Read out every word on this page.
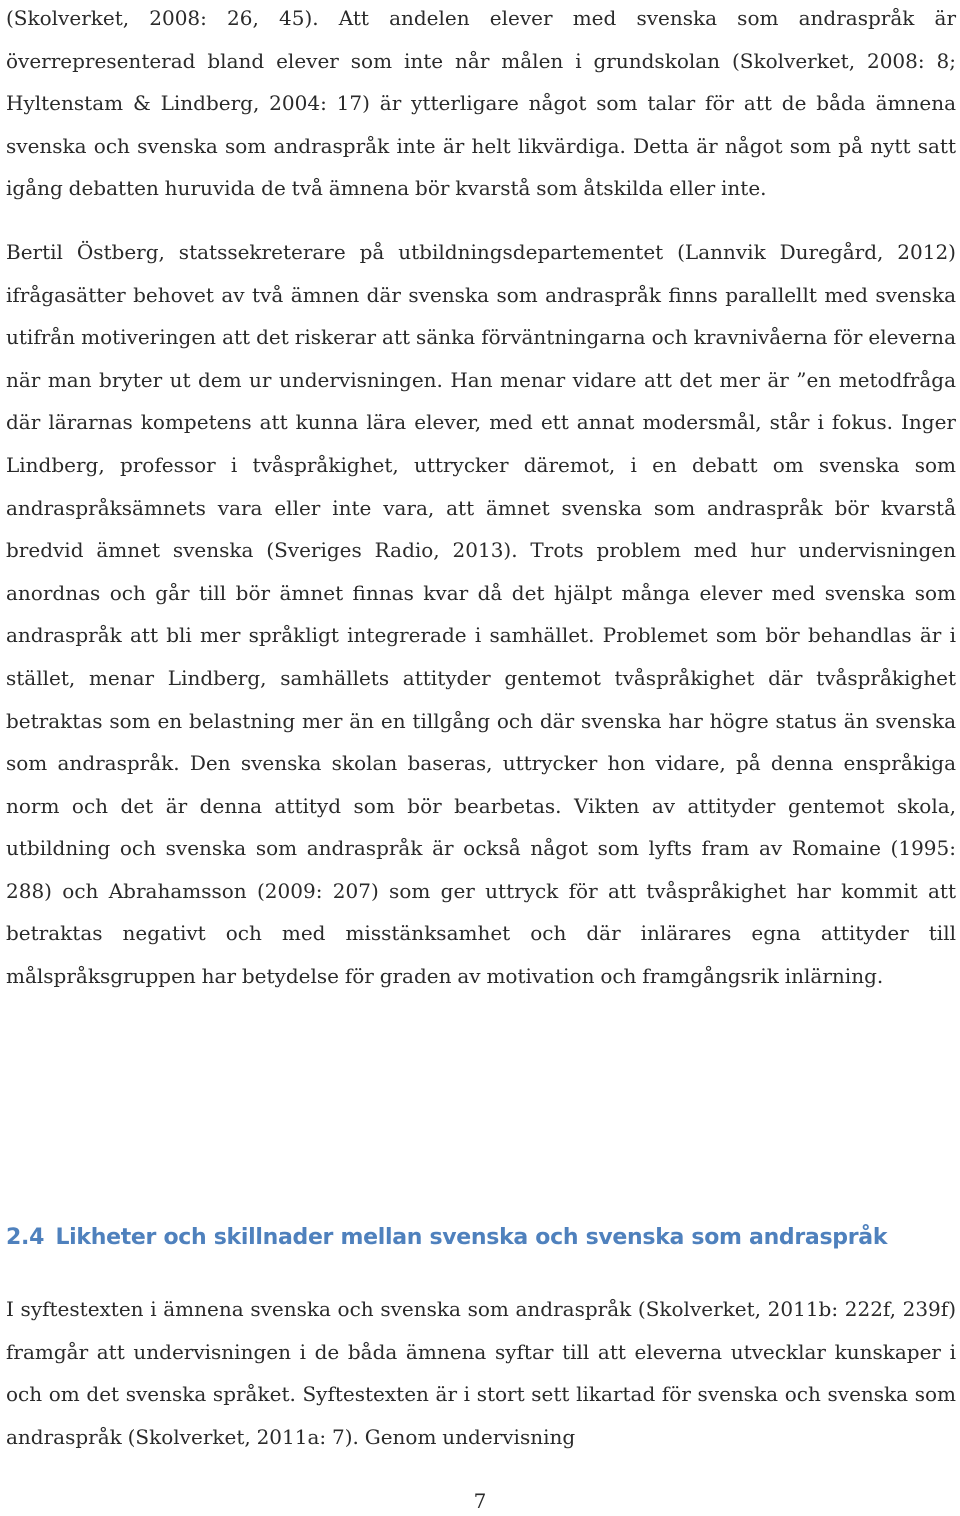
(Skolverket, 2008: 26, 45). Att andelen elever med svenska som andraspråk är överrepresenterad bland elever som inte når målen i grundskolan (Skolverket, 2008: 8; Hyltenstam & Lindberg, 2004: 17) är ytterligare något som talar för att de båda ämnena svenska och svenska som andraspråk inte är helt likvärdiga. Detta är något som på nytt satt igång debatten huruvida de två ämnena bör kvarstå som åtskilda eller inte.

Bertil Östberg, statssekreterare på utbildningsdepartementet (Lannvik Duregård, 2012) ifrågasätter behovet av två ämnen där svenska som andraspråk finns parallellt med svenska utifrån motiveringen att det riskerar att sänka förväntningarna och kravnivåerna för eleverna när man bryter ut dem ur undervisningen. Han menar vidare att det mer är ”en metodfråga där lärarnas kompetens att kunna lära elever, med ett annat modersmål, står i fokus. Inger Lindberg, professor i tvåspråkighet, uttrycker däremot, i en debatt om svenska som andraspråksämnets vara eller inte vara, att ämnet svenska som andraspråk bör kvarstå bredvid ämnet svenska (Sveriges Radio, 2013). Trots problem med hur undervisningen anordnas och går till bör ämnet finnas kvar då det hjälpt många elever med svenska som andraspråk att bli mer språkligt integrerade i samhället. Problemet som bör behandlas är i stället, menar Lindberg, samhällets attityder gentemot tvåspråkighet där tvåspråkighet betraktas som en belastning mer än en tillgång och där svenska har högre status än svenska som andraspråk. Den svenska skolan baseras, uttrycker hon vidare, på denna enspråkiga norm och det är denna attityd som bör bearbetas. Vikten av attityder gentemot skola, utbildning och svenska som andraspråk är också något som lyfts fram av Romaine (1995: 288) och Abrahamsson (2009: 207) som ger uttryck för att tvåspråkighet har kommit att betraktas negativt och med misstänksamhet och där inlärares egna attityder till målspråksgruppen har betydelse för graden av motivation och framgångsrik inlärning.

2.4 Likheter och skillnader mellan svenska och svenska som andraspråk

I syftestexten i ämnena svenska och svenska som andraspråk (Skolverket, 2011b: 222f, 239f) framgår att undervisningen i de båda ämnena syftar till att eleverna utvecklar kunskaper i och om det svenska språket. Syftestexten är i stort sett likartad för svenska och svenska som andraspråk (Skolverket, 2011a: 7). Genom undervisning

7
